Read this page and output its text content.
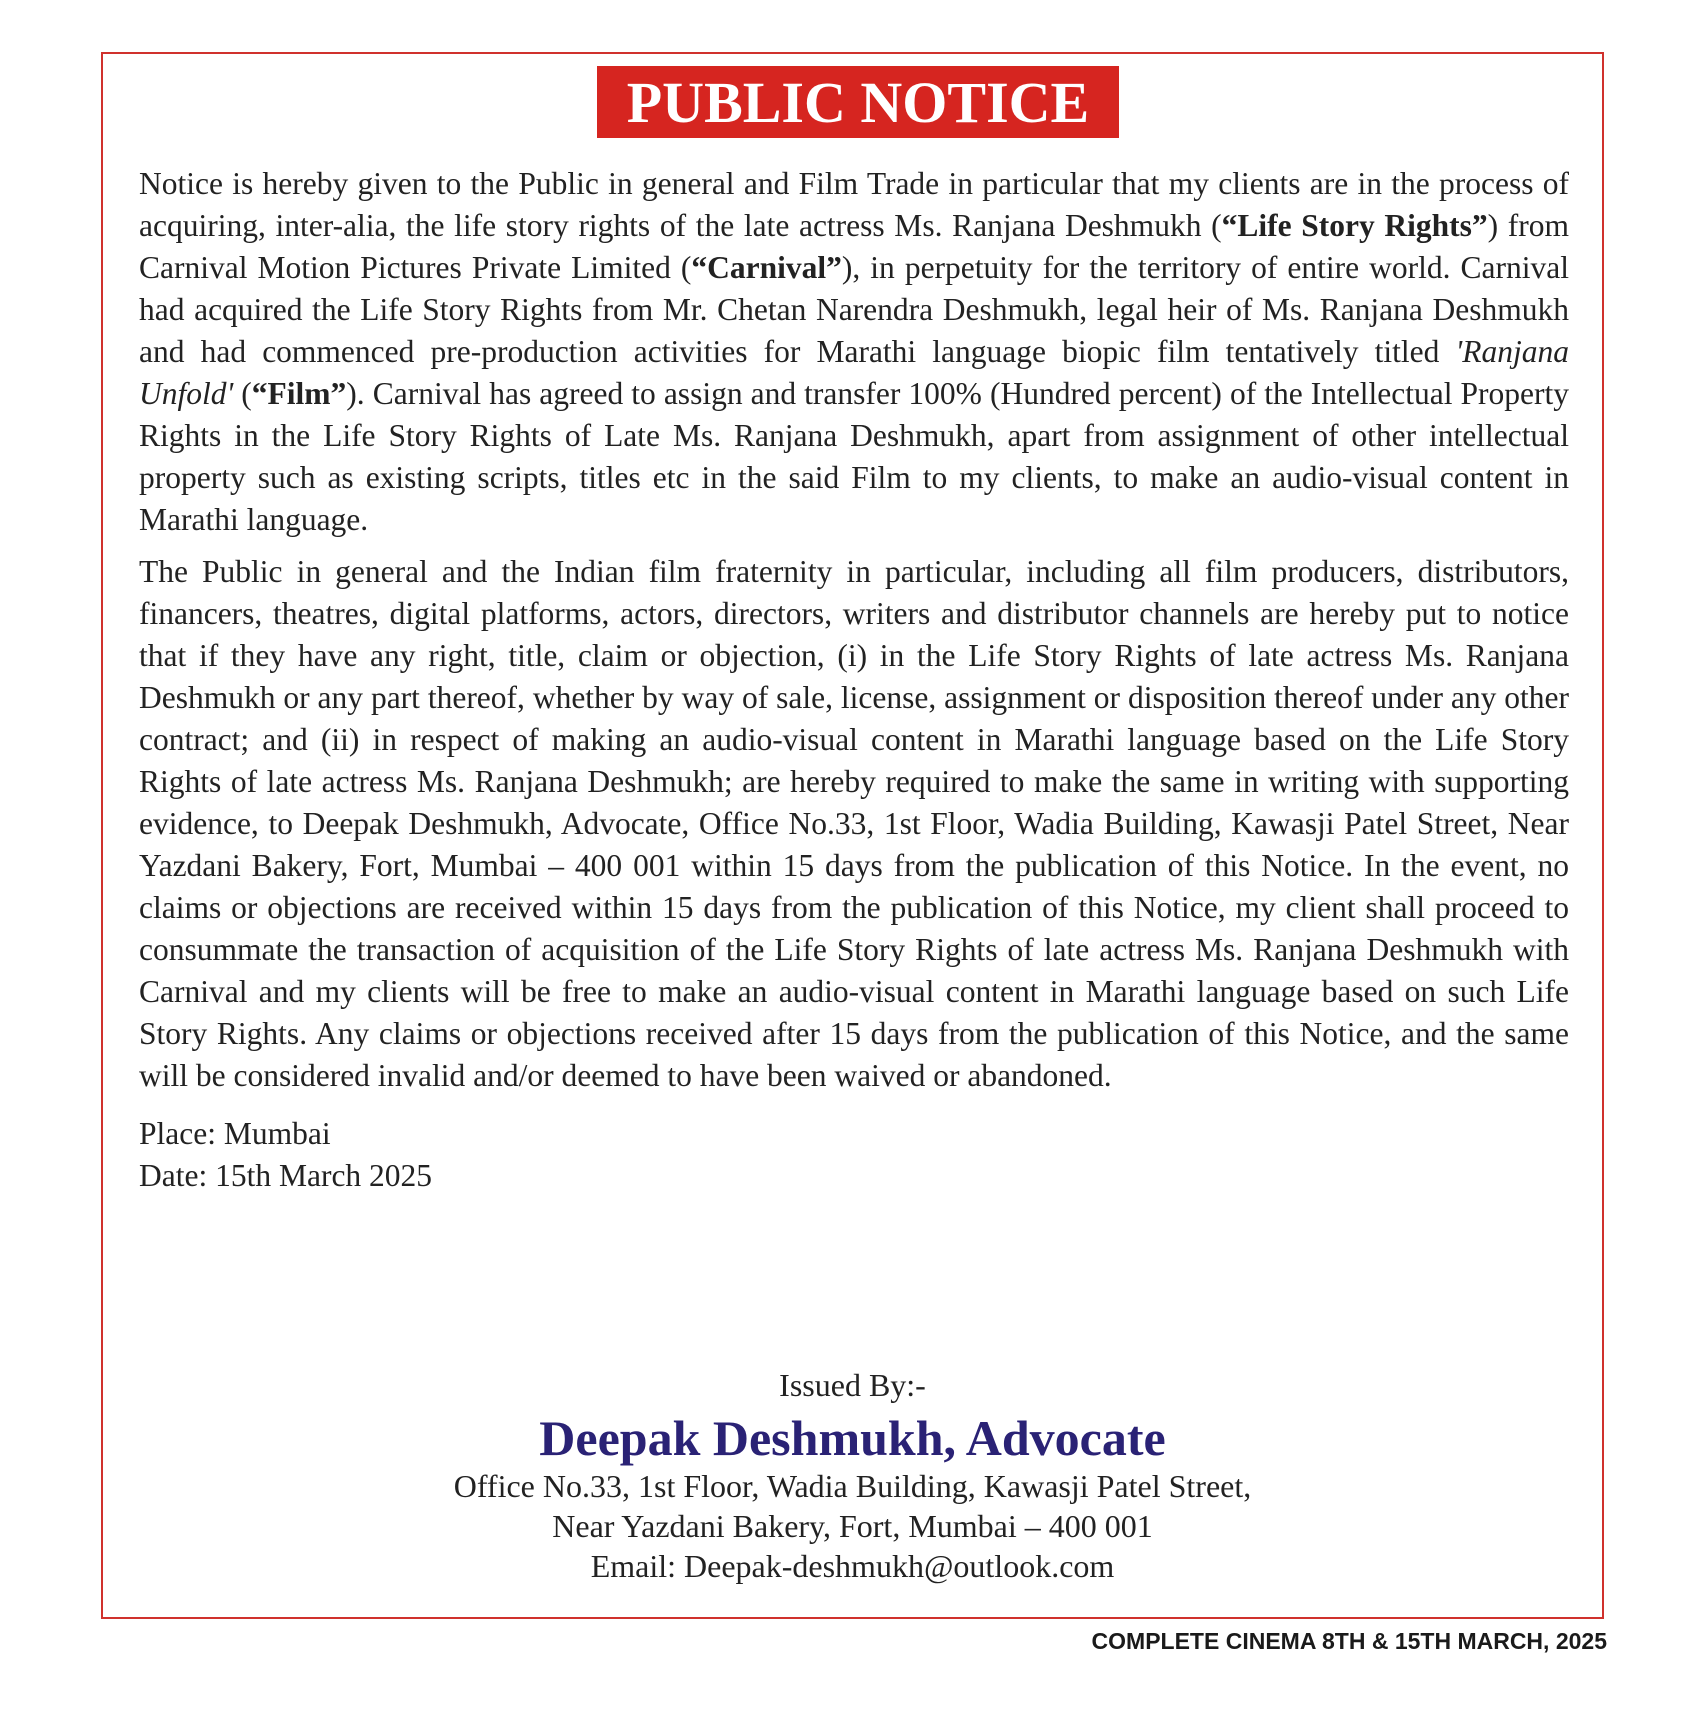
PUBLIC NOTICE

Notice is hereby given to the Public in general and Film Trade in particular that my clients are in the process of acquiring, inter-alia, the life story rights of the late actress Ms. Ranjana Deshmukh (“Life Story Rights”) from Carnival Motion Pictures Private Limited (“Carnival”), in perpetuity for the territory of entire world. Carnival had acquired the Life Story Rights from Mr. Chetan Narendra Deshmukh, legal heir of Ms. Ranjana Deshmukh and had commenced pre-production activities for Marathi language biopic film tentatively titled 'Ranjana Unfold' (“Film”). Carnival has agreed to assign and transfer 100% (Hundred percent) of the Intellectual Property Rights in the Life Story Rights of Late Ms. Ranjana Deshmukh, apart from assignment of other intellectual property such as existing scripts, titles etc in the said Film to my clients, to make an audio-visual content in Marathi language.

The Public in general and the Indian film fraternity in particular, including all film producers, distributors, financers, theatres, digital platforms, actors, directors, writers and distributor channels are hereby put to notice that if they have any right, title, claim or objection, (i) in the Life Story Rights of late actress Ms. Ranjana Deshmukh or any part thereof, whether by way of sale, license, assignment or disposition thereof under any other contract; and (ii) in respect of making an audio-visual content in Marathi language based on the Life Story Rights of late actress Ms. Ranjana Deshmukh; are hereby required to make the same in writing with supporting evidence, to Deepak Deshmukh, Advocate, Office No.33, 1st Floor, Wadia Building, Kawasji Patel Street, Near Yazdani Bakery, Fort, Mumbai – 400 001 within 15 days from the publication of this Notice. In the event, no claims or objections are received within 15 days from the publication of this Notice, my client shall proceed to consummate the transaction of acquisition of the Life Story Rights of late actress Ms. Ranjana Deshmukh with Carnival and my clients will be free to make an audio-visual content in Marathi language based on such Life Story Rights. Any claims or objections received after 15 days from the publication of this Notice, and the same will be considered invalid and/or deemed to have been waived or abandoned.

Place: Mumbai
Date: 15th March 2025
Issued By:-
Deepak Deshmukh, Advocate
Office No.33, 1st Floor, Wadia Building, Kawasji Patel Street,
Near Yazdani Bakery, Fort, Mumbai – 400 001
Email: Deepak-deshmukh@outlook.com
COMPLETE CINEMA 8TH & 15TH MARCH, 2025
